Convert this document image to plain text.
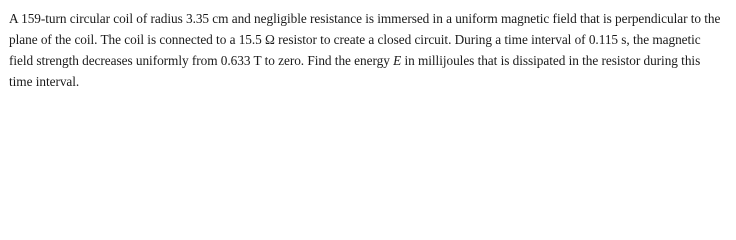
A 159-turn circular coil of radius 3.35 cm and negligible resistance is immersed in a uniform magnetic field that is perpendicular to the plane of the coil. The coil is connected to a 15.5 Ω resistor to create a closed circuit. During a time interval of 0.115 s, the magnetic field strength decreases uniformly from 0.633 T to zero. Find the energy E in millijoules that is dissipated in the resistor during this time interval.
